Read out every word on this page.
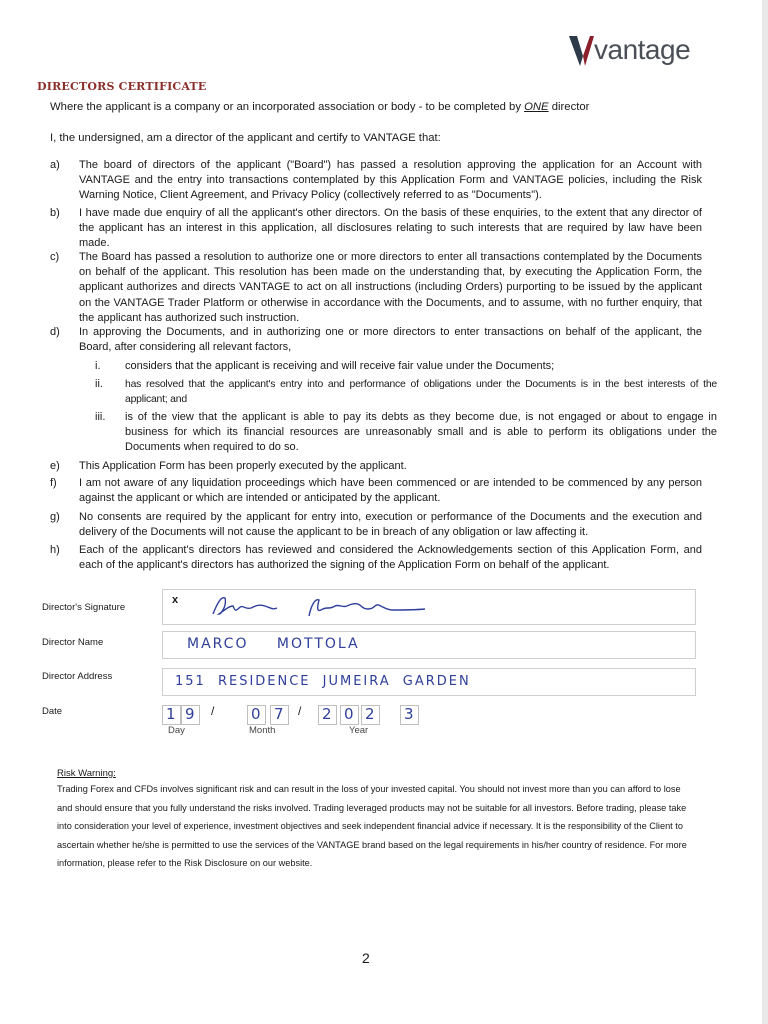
vantage
DIRECTORS CERTIFICATE
Where the applicant is a company or an incorporated association or body - to be completed by ONE director
I, the undersigned, am a director of the applicant and certify to VANTAGE that:
a)	The board of directors of the applicant ("Board") has passed a resolution approving the application for an Account with VANTAGE and the entry into transactions contemplated by this Application Form and VANTAGE policies, including the Risk Warning Notice, Client Agreement, and Privacy Policy (collectively referred to as "Documents").
b)	I have made due enquiry of all the applicant's other directors. On the basis of these enquiries, to the extent that any director of the applicant has an interest in this application, all disclosures relating to such interests that are required by law have been made.
c)	The Board has passed a resolution to authorize one or more directors to enter all transactions contemplated by the Documents on behalf of the applicant. This resolution has been made on the understanding that, by executing the Application Form, the applicant authorizes and directs VANTAGE to act on all instructions (including Orders) purporting to be issued by the applicant on the VANTAGE Trader Platform or otherwise in accordance with the Documents, and to assume, with no further enquiry, that the applicant has authorized such instruction.
d)	In approving the Documents, and in authorizing one or more directors to enter transactions on behalf of the applicant, the Board, after considering all relevant factors,
i. considers that the applicant is receiving and will receive fair value under the Documents;
ii. has resolved that the applicant's entry into and performance of obligations under the Documents is in the best interests of the applicant; and
iii. is of the view that the applicant is able to pay its debts as they become due, is not engaged or about to engage in business for which its financial resources are unreasonably small and is able to perform its obligations under the Documents when required to do so.
e)	This Application Form has been properly executed by the applicant.
f)	I am not aware of any liquidation proceedings which have been commenced or are intended to be commenced by any person against the applicant or which are intended or anticipated by the applicant.
g)	No consents are required by the applicant for entry into, execution or performance of the Documents and the execution and delivery of the Documents will not cause the applicant to be in breach of any obligation or law affecting it.
h)	Each of the applicant's directors has reviewed and considered the Acknowledgements section of this Application Form, and each of the applicant's directors has authorized the signing of the Application Form on behalf of the applicant.
Director's Signature
x
Marco Mottola
Director Name	MARCO MOTTOLA
Director Address	151 RESIDENCE JUMEIRA GARDEN
Date	1 9 / 0 7 / 2 0 2 3
Day	Month	Year
Risk Warning:
Trading Forex and CFDs involves significant risk and can result in the loss of your invested capital. You should not invest more than you can afford to lose and should ensure that you fully understand the risks involved. Trading leveraged products may not be suitable for all investors. Before trading, please take into consideration your level of experience, investment objectives and seek independent financial advice if necessary. It is the responsibility of the Client to ascertain whether he/she is permitted to use the services of the VANTAGE brand based on the legal requirements in his/her country of residence. For more information, please refer to the Risk Disclosure on our website.
2
